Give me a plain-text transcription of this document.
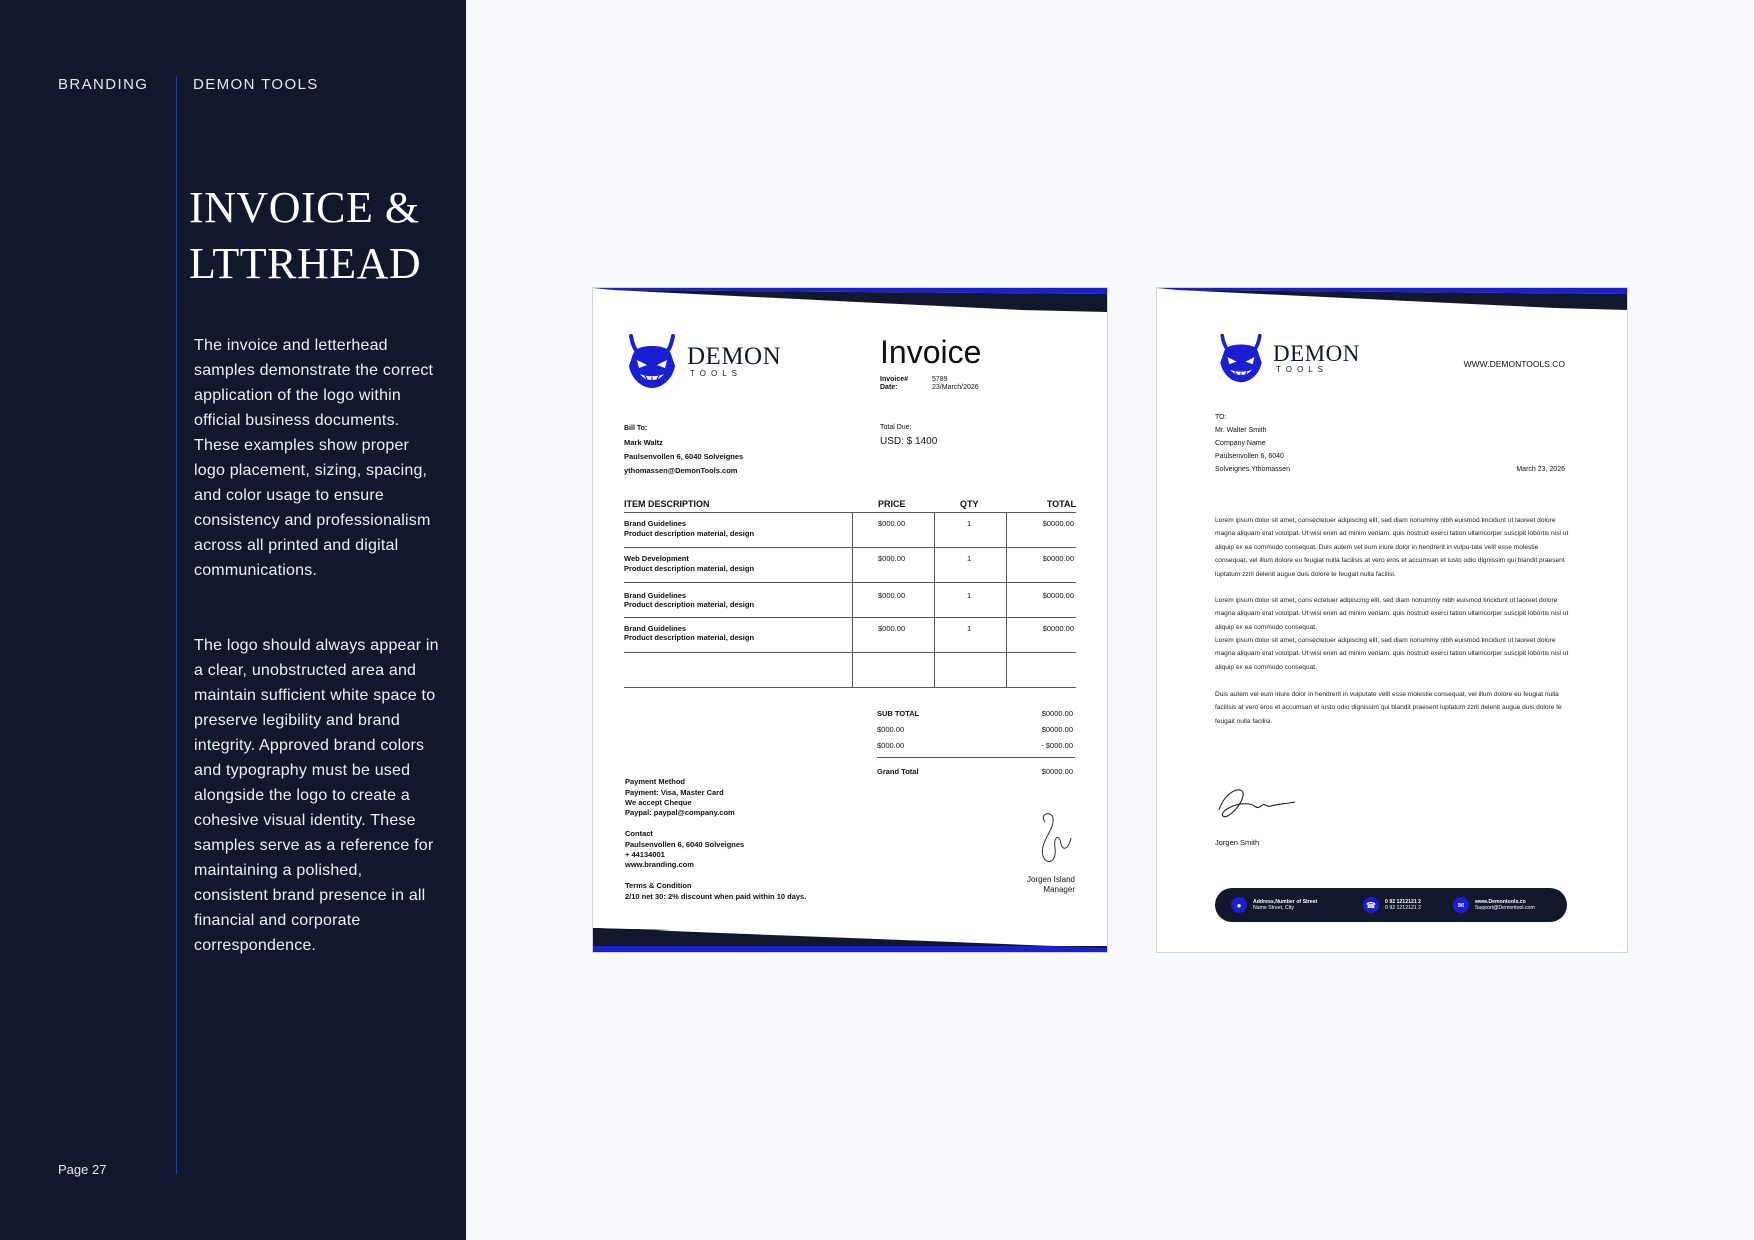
BRANDING	DEMON TOOLS
INVOICE &
LTTRHEAD

The invoice and letterhead samples demonstrate the correct application of the logo within official business documents. These examples show proper logo placement, sizing, spacing, and color usage to ensure consistency and professionalism across all printed and digital communications.

The logo should always appear in a clear, unobstructed area and maintain sufficient white space to preserve legibility and brand integrity. Approved brand colors and typography must be used alongside the logo to create a cohesive visual identity. These samples serve as a reference for maintaining a polished, consistent brand presence in all financial and corporate correspondence.

Page 27
DEMON
TOOLS
Invoice
Invoice#	5789
Date:	23/March/2026
Bill To:
Mark Waltz
Paulsenvollen 6, 6040 Solveignes
ythomassen@DemonTools.com
Total Due:
USD: $ 1400
ITEM DESCRIPTION	PRICE	QTY	TOTAL
Brand Guidelines
Product description material, design
$000.00	1	$0000.00
Web Development
Product description material, design
$000.00	1	$0000.00
Brand Guidelines
Product description material, design
$000.00	1	$0000.00
Brand Guidelines
Product description material, design
$000.00	1	$0000.00
SUB TOTAL	$0000.00
$000.00	$0000.00
$000.00	- $000.00
Grand Total	$0000.00
Payment Method
Payment: Visa, Master Card
We accept Cheque
Paypal: paypal@company.com
Contact
Paulsenvollen 6, 6040 Solveignes
+ 44134001
www.branding.com
Terms & Condition
2/10 net 30: 2% discount when paid within 10 days.
Jorgen Island
Manager
DEMON
TOOLS
WWW.DEMONTOOLS.CO
TO:
Mr. Walter Smith
Company Name
Paulsenvollen 6, 6040
Solveignes Ythomassen	March 23, 2026

Lorem ipsum dolor sit amet, consectetuer adipiscing elit, sed diam nonummy nibh euismod tincidunt ut laoreet dolore magna aliquam erat volutpat. Ut wisi enim ad minim veniam, quis nostrud exerci tation ullamcorper suscipit lobortis nisl ut aliquip ex ea commodo consequat. Duis autem vel eum iriure dolor in hendrerit in vulpu-tate velit esse molestie consequat, vel illum dolore eu feugiat nulla facilisis at vero eros et accumsan et iusto odio dignissim qui blandit praesent luptatum zzril delenit augue duis dolore te feugait nulla facilisi.

Lorem ipsum dolor sit amet, cons ectetuer adipiscing elit, sed diam nonummy nibh euismod tincidunt ut laoreet dolore magna aliquam erat volutpat. Ut wisi enim ad minim veniam, quis nostrud exerci tation ullamcorper suscipit lobortis nisl ut aliquip ex ea commodo consequat.

Lorem ipsum dolor sit amet, consectetuer adipiscing elit, sed diam nonummy nibh euismod tincidunt ut laoreet dolore magna aliquam erat volutpat. Ut wisi enim ad minim veniam, quis nostrud exerci tation ullamcorper suscipit lobortis nisl ut aliquip ex ea commodo consequat.

Duis autem vel eum iriure dolor in hendrerit in vulputate velit esse molestie consequat, vel illum dolore eu feugiat nulla facilisis at vero eros et accumsan et iusto odio dignissim qui blandit praesent luptatum zzril delenit augue duis dolore te feugait nulla facilisi.

Jorgen Smith
●	Address,Number of Street
Name Street, City	☎	0 92 1212121 2
0 92 1212121 2	✉	www.Demontools.co
Support@Demontool.com
